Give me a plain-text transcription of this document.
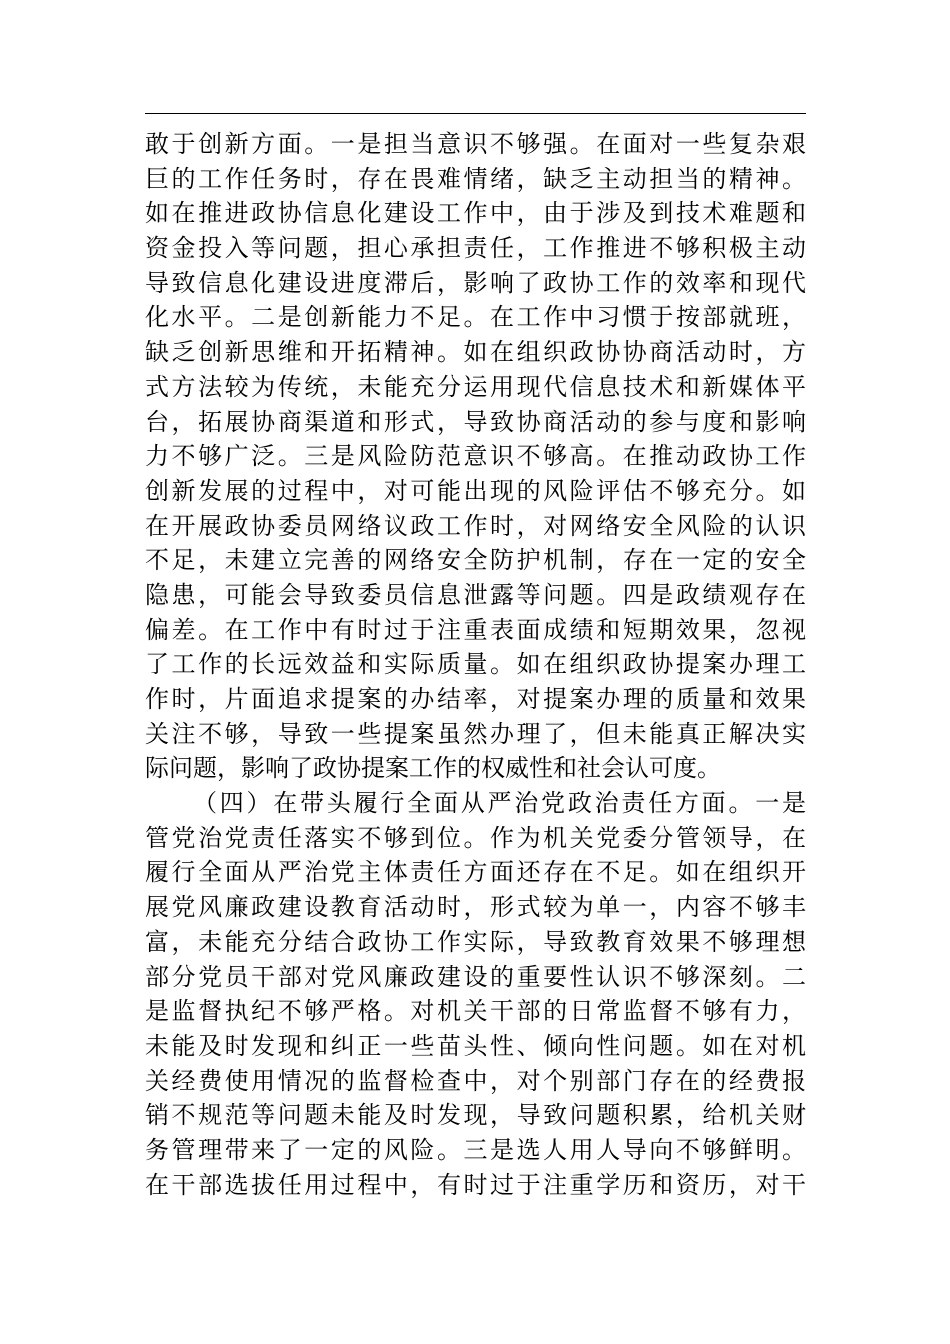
敢于创新方面。一是担当意识不够强。在面对一些复杂艰
巨的工作任务时，存在畏难情绪，缺乏主动担当的精神。
如在推进政协信息化建设工作中，由于涉及到技术难题和
资金投入等问题，担心承担责任，工作推进不够积极主动
导致信息化建设进度滞后，影响了政协工作的效率和现代
化水平。二是创新能力不足。在工作中习惯于按部就班，
缺乏创新思维和开拓精神。如在组织政协协商活动时，方
式方法较为传统，未能充分运用现代信息技术和新媒体平
台，拓展协商渠道和形式，导致协商活动的参与度和影响
力不够广泛。三是风险防范意识不够高。在推动政协工作
创新发展的过程中，对可能出现的风险评估不够充分。如
在开展政协委员网络议政工作时，对网络安全风险的认识
不足，未建立完善的网络安全防护机制，存在一定的安全
隐患，可能会导致委员信息泄露等问题。四是政绩观存在
偏差。在工作中有时过于注重表面成绩和短期效果，忽视
了工作的长远效益和实际质量。如在组织政协提案办理工
作时，片面追求提案的办结率，对提案办理的质量和效果
关注不够，导致一些提案虽然办理了，但未能真正解决实
际问题，影响了政协提案工作的权威性和社会认可度。
（四）在带头履行全面从严治党政治责任方面。一是
管党治党责任落实不够到位。作为机关党委分管领导，在
履行全面从严治党主体责任方面还存在不足。如在组织开
展党风廉政建设教育活动时，形式较为单一，内容不够丰
富，未能充分结合政协工作实际，导致教育效果不够理想
部分党员干部对党风廉政建设的重要性认识不够深刻。二
是监督执纪不够严格。对机关干部的日常监督不够有力，
未能及时发现和纠正一些苗头性、倾向性问题。如在对机
关经费使用情况的监督检查中，对个别部门存在的经费报
销不规范等问题未能及时发现，导致问题积累，给机关财
务管理带来了一定的风险。三是选人用人导向不够鲜明。
在干部选拔任用过程中，有时过于注重学历和资历，对干
